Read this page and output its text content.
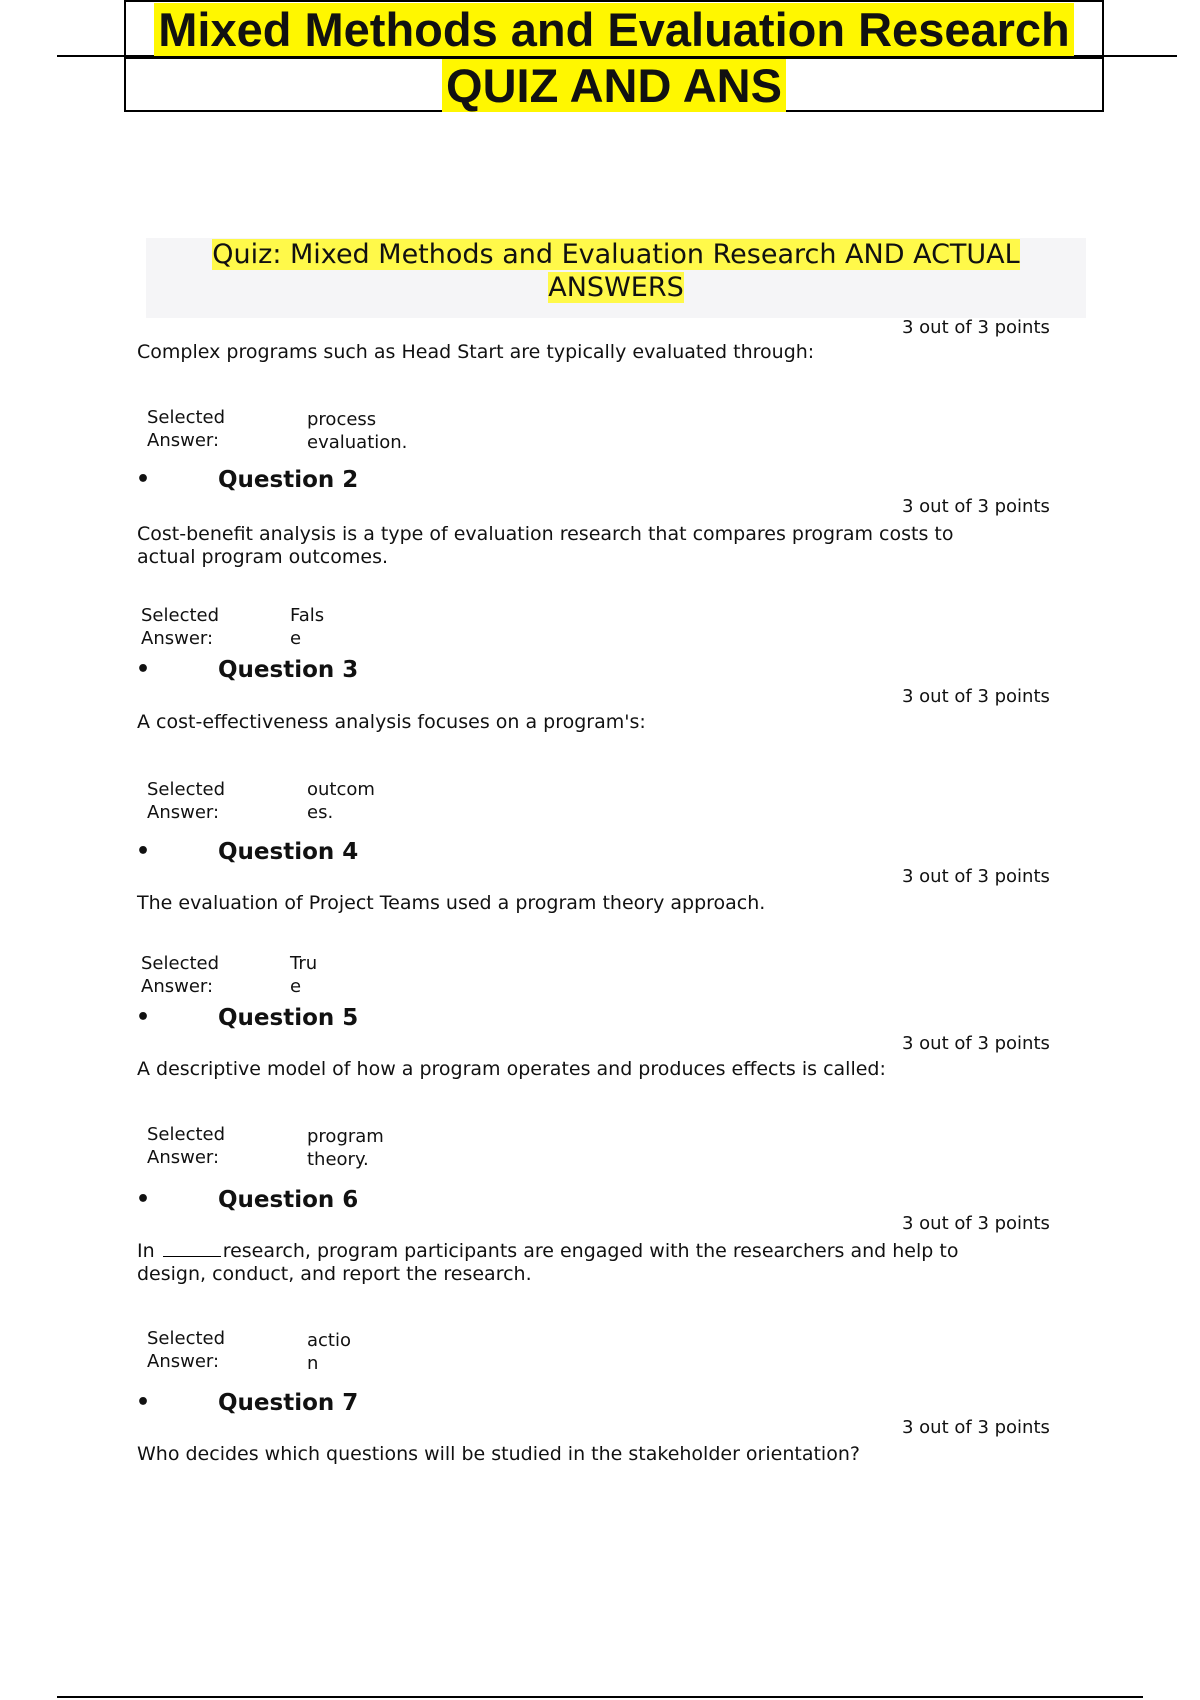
Mixed Methods and Evaluation Research
QUIZ AND ANS
Quiz: Mixed Methods and Evaluation Research AND ACTUAL
ANSWERS
3 out of 3 points
Complex programs such as Head Start are typically evaluated through:
Selected
Answer:
process
evaluation.
•	Question 2
3 out of 3 points
Cost-benefit analysis is a type of evaluation research that compares program costs to actual program outcomes.
Selected
Answer:
Fals
e
•	Question 3
3 out of 3 points
A cost-effectiveness analysis focuses on a program's:
Selected
Answer:
outcom
es.
•	Question 4
3 out of 3 points
The evaluation of Project Teams used a program theory approach.
Selected
Answer:
Tru
e
•	Question 5
3 out of 3 points
A descriptive model of how a program operates and produces effects is called:
Selected
Answer:
program
theory.
•	Question 6
3 out of 3 points
In	research, program participants are engaged with the researchers and help to design, conduct, and report the research.
Selected
Answer:
actio
n
•	Question 7
3 out of 3 points
Who decides which questions will be studied in the stakeholder orientation?
